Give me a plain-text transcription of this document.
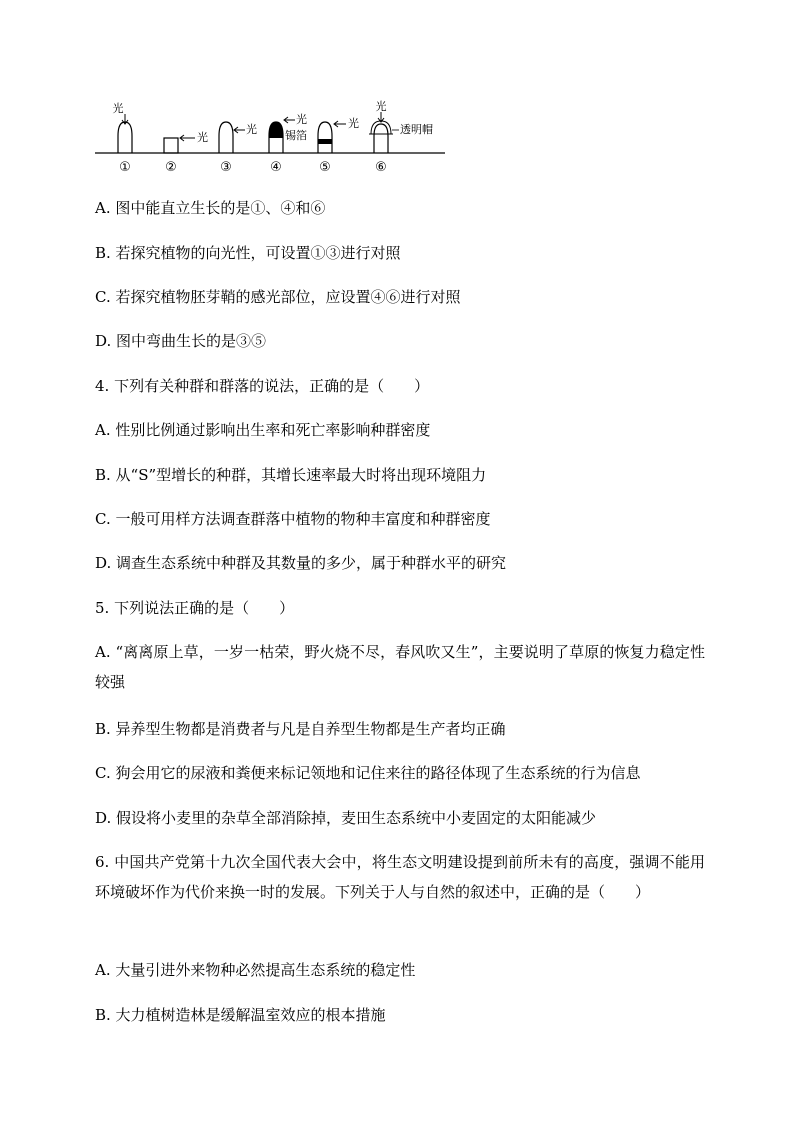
光
光
光
光
锡箔
光
光
透明帽
①	②	③	④	⑤	⑥
A. 图中能直立生长的是①、④和⑥
B. 若探究植物的向光性，可设置①③进行对照
C. 若探究植物胚芽鞘的感光部位，应设置④⑥进行对照
D. 图中弯曲生长的是③⑤
4. 下列有关种群和群落的说法，正确的是（　　）
A. 性别比例通过影响出生率和死亡率影响种群密度
B. 从“S”型增长的种群，其增长速率最大时将出现环境阻力
C. 一般可用样方法调查群落中植物的物种丰富度和种群密度
D. 调查生态系统中种群及其数量的多少，属于种群水平的研究
5. 下列说法正确的是（　　）
A. “离离原上草，一岁一枯荣，野火烧不尽，春风吹又生”，主要说明了草原的恢复力稳定性较强
B. 异养型生物都是消费者与凡是自养型生物都是生产者均正确
C. 狗会用它的尿液和粪便来标记领地和记住来往的路径体现了生态系统的行为信息
D. 假设将小麦里的杂草全部消除掉，麦田生态系统中小麦固定的太阳能减少
6. 中国共产党第十九次全国代表大会中，将生态文明建设提到前所未有的高度，强调不能用环境破坏作为代价来换一时的发展。下列关于人与自然的叙述中，正确的是（　　）
A. 大量引进外来物种必然提高生态系统的稳定性
B. 大力植树造林是缓解温室效应的根本措施
